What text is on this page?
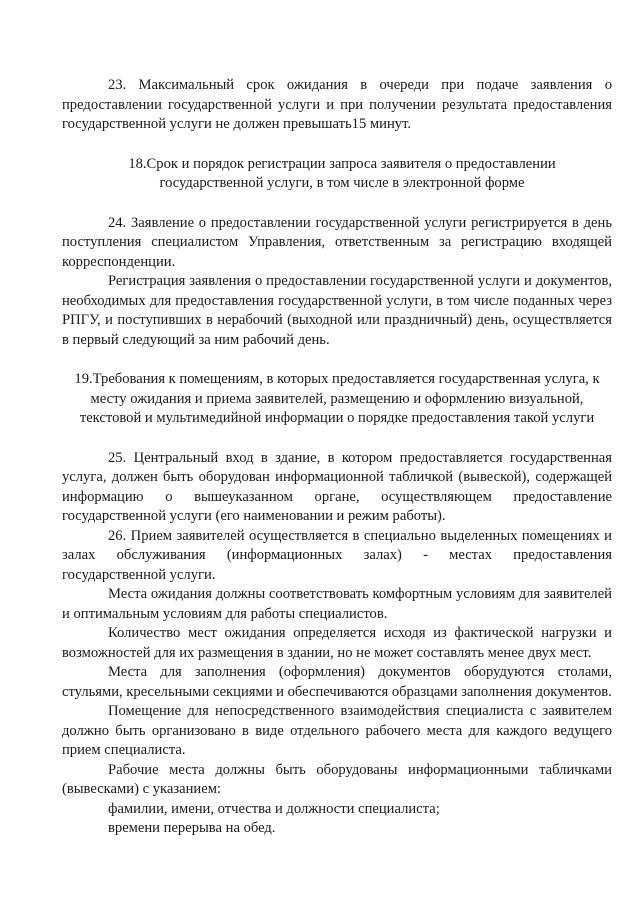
23. Максимальный срок ожидания в очереди при подаче заявления о предоставлении государственной услуги и при получении результата предоставления государственной услуги не должен превышать15 минут.

18.Срок и порядок регистрации запроса заявителя о предоставлении государственной услуги, в том числе в электронной форме

24. Заявление о предоставлении государственной услуги регистрируется в день поступления специалистом Управления, ответственным за регистрацию входящей корреспонденции.

Регистрация заявления о предоставлении государственной услуги и документов, необходимых для предоставления государственной услуги, в том числе поданных через РПГУ, и поступивших в нерабочий (выходной или праздничный) день, осуществляется в первый следующий за ним рабочий день.

19.Требования к помещениям, в которых предоставляется государственная услуга, к месту ожидания и приема заявителей, размещению и оформлению визуальной, текстовой и мультимедийной информации о порядке предоставления такой услуги

25. Центральный вход в здание, в котором предоставляется государственная услуга, должен быть оборудован информационной табличкой (вывеской), содержащей информацию о вышеуказанном органе, осуществляющем предоставление государственной услуги (его наименовании и режим работы).

26. Прием заявителей осуществляется в специально выделенных помещениях и залах обслуживания (информационных залах) - местах предоставления государственной услуги.

Места ожидания должны соответствовать комфортным условиям для заявителей и оптимальным условиям для работы специалистов.

Количество мест ожидания определяется исходя из фактической нагрузки и возможностей для их размещения в здании, но не может составлять менее двух мест.

Места для заполнения (оформления) документов оборудуются столами, стульями, кресельными секциями и обеспечиваются образцами заполнения документов.

Помещение для непосредственного взаимодействия специалиста с заявителем должно быть организовано в виде отдельного рабочего места для каждого ведущего прием специалиста.

Рабочие места должны быть оборудованы информационными табличками (вывесками) с указанием:

фамилии, имени, отчества и должности специалиста;

времени перерыва на обед.
